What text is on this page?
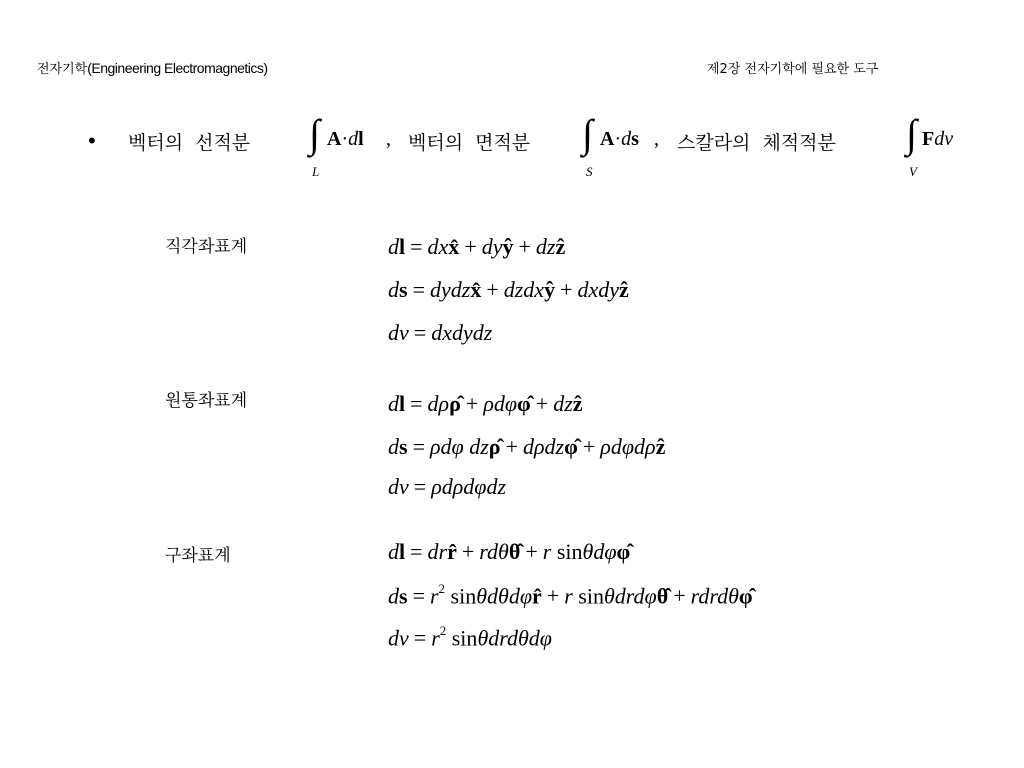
전자기학(Engineering Electromagnetics)	제2장 전자기학에 필요한 도구
• 벡터의 선적분 ∫
L
A·dl , 벡터의 면적분 ∫
S
A·ds , 스칼라의 체적적분 ∫
V
Fdv
직각좌표계	dl = dxx ̂ + dyy ̂ + dzz ̂
ds = dydzx ̂ + dzdxy ̂ + dxdyz ̂
dv = dxdydz
원통좌표계	dl = dρρ ̂ + ρdφφ ̂ + dzz ̂
ds = ρdφ dzρ ̂ + dρdzφ ̂ + ρdφdρz ̂
dv = ρdρdφdz
구좌표계	dl = drr ̂ + rdθθ ̂ + r sinθdφφ ̂
ds = $r^2$ sinθdθdφr ̂ + r sinθdrdφθ ̂ + rdrdθφ ̂
dv = $r^2$ sinθdrdθdφ
